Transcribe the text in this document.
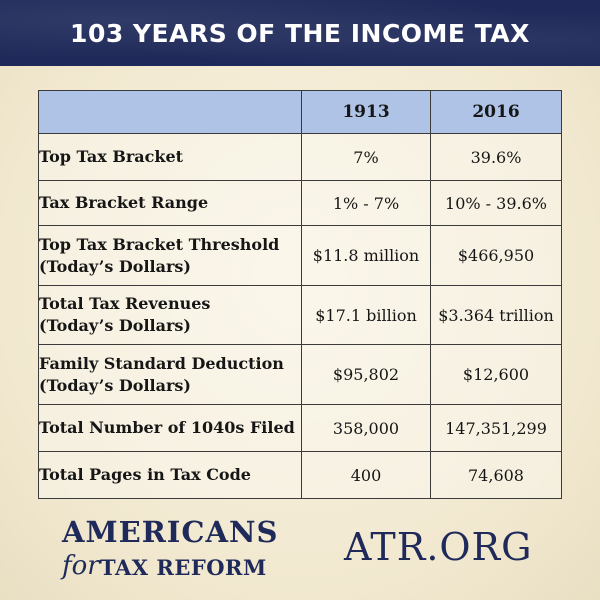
103 YEARS OF THE INCOME TAX
	1913	2016
Top Tax Bracket	7%	39.6%
Tax Bracket Range	1% - 7%	10% - 39.6%
Top Tax Bracket Threshold
(Today’s Dollars)	$11.8 million	$466,950
Total Tax Revenues
(Today’s Dollars)	$17.1 billion	$3.364 trillion
Family Standard Deduction
(Today’s Dollars)	$95,802	$12,600
Total Number of 1040s Filed	358,000	147,351,299
Total Pages in Tax Code	400	74,608
AMERICANS
for TAX REFORM ATR.ORG
